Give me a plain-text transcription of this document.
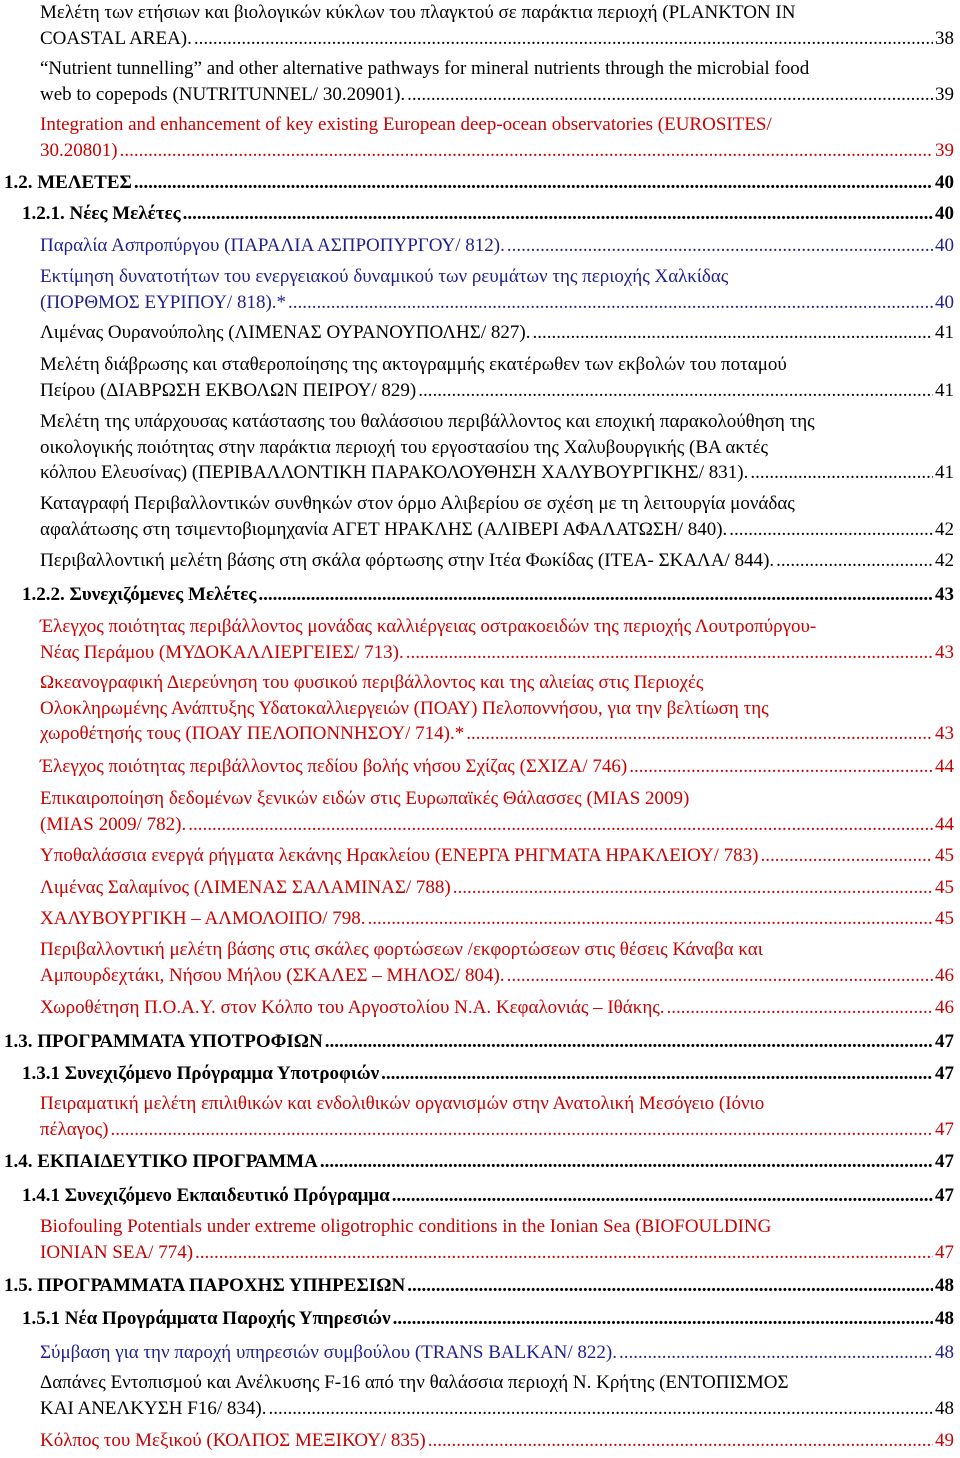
Μελέτη των ετήσιων και βιολογικών κύκλων του πλαγκτού σε παράκτια περιοχή (PLANKTON IN
COASTAL AREA). .....	38
“Nutrient tunnelling” and other alternative pathways for mineral nutrients through the microbial food
web to copepods (NUTRITUNNEL/ 30.20901). .....	39
Integration and enhancement of key existing European deep-ocean observatories (EUROSITES/
30.20801) .....	39
1.2. ΜΕΛΕΤΕΣ .....	40
1.2.1. Νέες Μελέτες .....	40
Παραλία Ασπροπύργου (ΠΑΡΑΛΙΑ ΑΣΠΡΟΠΥΡΓΟΥ/ 812). .....	40
Εκτίμηση δυνατοτήτων του ενεργειακού δυναμικού των ρευμάτων της περιοχής Χαλκίδας
(ΠΟΡΘΜΟΣ ΕΥΡΙΠΟΥ/ 818).* .....	40
Λιμένας Ουρανούπολης (ΛΙΜΕΝΑΣ ΟΥΡΑΝΟΥΠΟΛΗΣ/ 827). .....	41
Μελέτη διάβρωσης και σταθεροποίησης της ακτογραμμής εκατέρωθεν των εκβολών του ποταμού
Πείρου (ΔΙΑΒΡΩΣΗ ΕΚΒΟΛΩΝ ΠΕΙΡΟΥ/ 829) .....	41
Μελέτη της υπάρχουσας κατάστασης του θαλάσσιου περιβάλλοντος και εποχική παρακολούθηση της
οικολογικής ποιότητας στην παράκτια περιοχή του εργοστασίου της Χαλυβουργικής (ΒΑ ακτές
κόλπου Ελευσίνας) (ΠΕΡΙΒΑΛΛΟΝΤΙΚΗ ΠΑΡΑΚΟΛΟΥΘΗΣΗ ΧΑΛΥΒΟΥΡΓΙΚΗΣ/ 831). .....	41
Καταγραφή Περιβαλλοντικών συνθηκών στον όρμο Αλιβερίου σε σχέση με τη λειτουργία μονάδας
αφαλάτωσης στη τσιμεντοβιομηχανία ΑΓΕΤ ΗΡΑΚΛΗΣ (ΑΛΙΒΕΡΙ ΑΦΑΛΑΤΩΣΗ/ 840). .....	42
Περιβαλλοντική μελέτη βάσης στη σκάλα φόρτωσης στην Ιτέα Φωκίδας (ΙΤΕΑ- ΣΚΑΛΑ/ 844). .....	42
1.2.2. Συνεχιζόμενες Μελέτες .....	43
Έλεγχος ποιότητας περιβάλλοντος μονάδας καλλιέργειας οστρακοειδών της περιοχής Λουτροπύργου-
Νέας Περάμου (ΜΥΔΟΚΑΛΛΙΕΡΓΕΙΕΣ/ 713). .....	43
Ωκεανογραφική Διερεύνηση του φυσικού περιβάλλοντος και της αλιείας στις Περιοχές
Ολοκληρωμένης Ανάπτυξης Υδατοκαλλιεργειών (ΠΟΑΥ) Πελοποννήσου, για την βελτίωση της
χωροθέτησής τους (ΠΟΑΥ ΠΕΛΟΠΟΝΝΗΣΟΥ/ 714).* .....	43
Έλεγχος ποιότητας περιβάλλοντος πεδίου βολής νήσου Σχίζας (ΣΧΙΖΑ/ 746) .....	44
Επικαιροποίηση δεδομένων ξενικών ειδών στις Ευρωπαϊκές Θάλασσες (MIAS 2009)
(MIAS 2009/ 782). .....	44
Υποθαλάσσια ενεργά ρήγματα λεκάνης Ηρακλείου (ΕΝΕΡΓΑ ΡΗΓΜΑΤΑ ΗΡΑΚΛΕΙΟΥ/ 783) .....	45
Λιμένας Σαλαμίνος (ΛΙΜΕΝΑΣ ΣΑΛΑΜΙΝΑΣ/ 788) .....	45
ΧΑΛΥΒΟΥΡΓΙΚΗ – ΑΛΜΟΛΟΙΠΟ/ 798. .....	45
Περιβαλλοντική μελέτη βάσης στις σκάλες φορτώσεων /εκφορτώσεων στις θέσεις Κάναβα και
Αμπουρδεχτάκι, Νήσου Μήλου (ΣΚΑΛΕΣ – ΜΗΛΟΣ/ 804). .....	46
Χωροθέτηση Π.Ο.Α.Υ. στον Κόλπο του Αργοστολίου Ν.Α. Κεφαλονιάς – Ιθάκης. .....	46
1.3. ΠΡΟΓΡΑΜΜΑΤΑ ΥΠΟΤΡΟΦΙΩΝ .....	47
1.3.1 Συνεχιζόμενο Πρόγραμμα Υποτροφιών .....	47
Πειραματική μελέτη επιλιθικών και ενδολιθικών οργανισμών στην Ανατολική Μεσόγειο (Ιόνιο
πέλαγος) .....	47
1.4. ΕΚΠΑΙΔΕΥΤΙΚΟ ΠΡΟΓΡΑΜΜΑ .....	47
1.4.1 Συνεχιζόμενο Εκπαιδευτικό Πρόγραμμα .....	47
Biofouling Potentials under extreme oligotrophic conditions in the Ionian Sea (BIOFOULDING
IONIAN SEA/ 774) .....	47
1.5. ΠΡΟΓΡΑΜΜΑΤΑ ΠΑΡΟΧΗΣ ΥΠΗΡΕΣΙΩΝ .....	48
1.5.1 Νέα Προγράμματα Παροχής Υπηρεσιών .....	48
Σύμβαση για την παροχή υπηρεσιών συμβούλου (TRANS BALKAN/ 822). .....	48
Δαπάνες Εντοπισμού και Ανέλκυσης F-16 από την θαλάσσια περιοχή Ν. Κρήτης (ΕΝΤΟΠΙΣΜΟΣ
ΚΑΙ ΑΝΕΛΚΥΣΗ F16/ 834). .....	48
Κόλπος του Μεξικού (ΚΟΛΠΟΣ ΜΕΞΙΚΟΥ/ 835) .....	49
